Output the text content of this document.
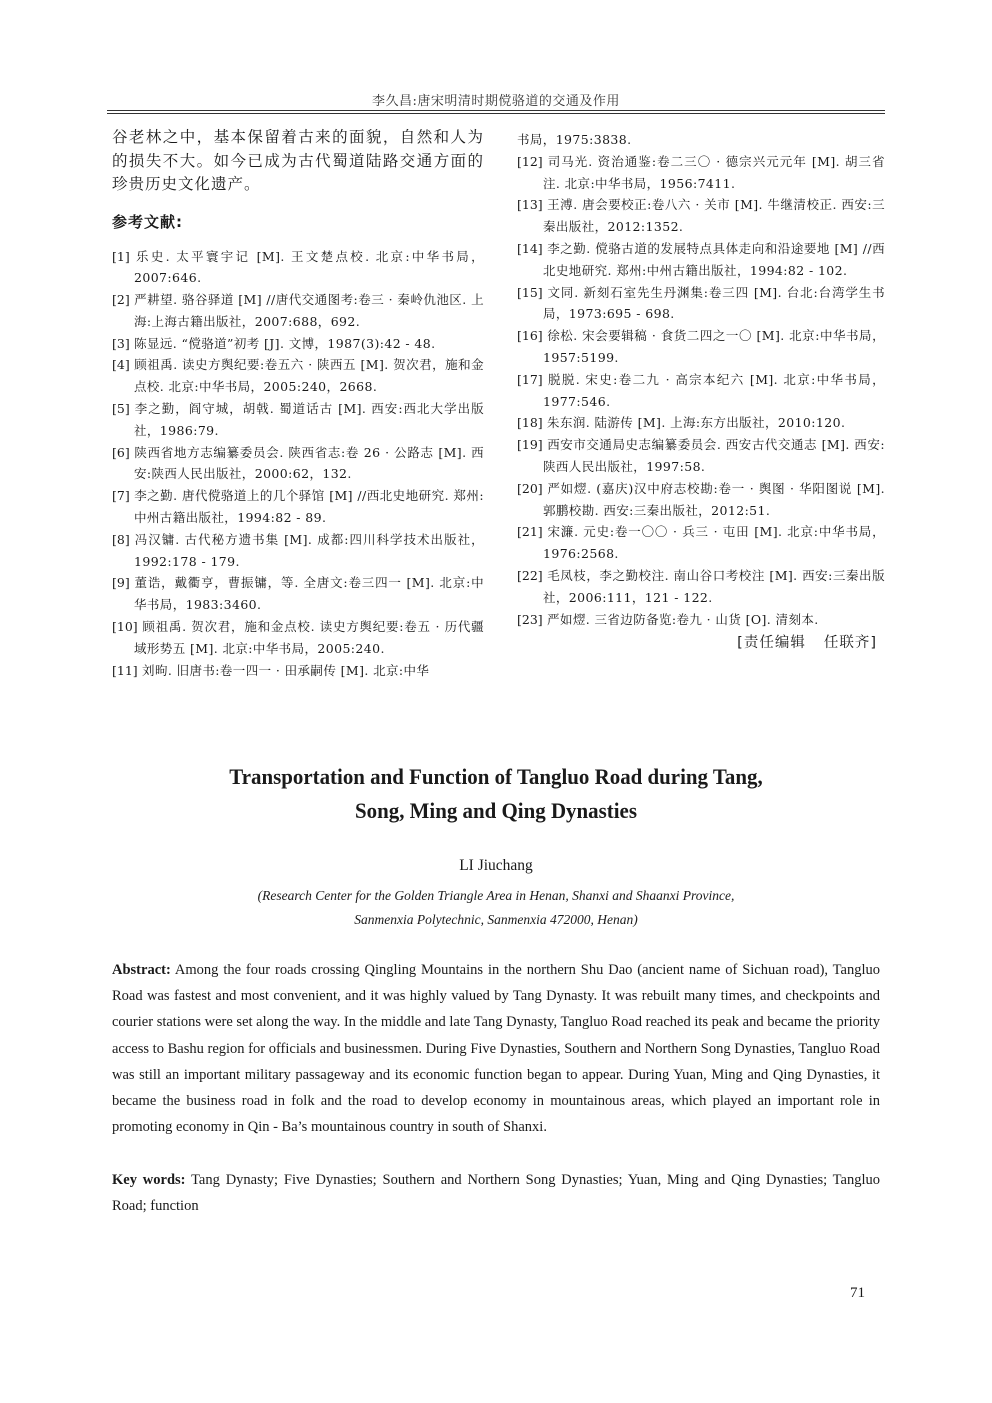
李久昌:唐宋明清时期傥骆道的交通及作用

谷老林之中，基本保留着古来的面貌，自然和人为的损失不大。如今已成为古代蜀道陆路交通方面的珍贵历史文化遗产。

参考文献:

[1] 乐史. 太平寰宇记 [M]. 王文楚点校. 北京:中华书局，2007:646.

[2] 严耕望. 骆谷驿道 [M] //唐代交通图考:卷三 · 秦岭仇池区. 上海:上海古籍出版社，2007:688，692.

[3] 陈显远. “傥骆道”初考 [J]. 文博，1987(3):42 - 48.

[4] 顾祖禹. 读史方舆纪要:卷五六 · 陕西五 [M]. 贺次君，施和金点校. 北京:中华书局，2005:240，2668.

[5] 李之勤，阎守城，胡戟. 蜀道话古 [M]. 西安:西北大学出版社，1986:79.

[6] 陕西省地方志编纂委员会. 陕西省志:卷 26 · 公路志 [M]. 西安:陕西人民出版社，2000:62，132.

[7] 李之勤. 唐代傥骆道上的几个驿馆 [M] //西北史地研究. 郑州:中州古籍出版社，1994:82 - 89.

[8] 冯汉镛. 古代秘方遗书集 [M]. 成都:四川科学技术出版社，1992:178 - 179.

[9] 董诰，戴衢亨，曹振镛，等. 全唐文:卷三四一 [M]. 北京:中华书局，1983:3460.

[10] 顾祖禹. 贺次君，施和金点校. 读史方舆纪要:卷五 · 历代疆域形势五 [M]. 北京:中华书局，2005:240.

[11] 刘昫. 旧唐书:卷一四一 · 田承嗣传 [M]. 北京:中华

书局，1975:3838.

[12] 司马光. 资治通鉴:卷二三〇 · 德宗兴元元年 [M]. 胡三省注. 北京:中华书局，1956:7411.

[13] 王溥. 唐会要校正:卷八六 · 关市 [M]. 牛继清校正. 西安:三秦出版社，2012:1352.

[14] 李之勤. 傥骆古道的发展特点具体走向和沿途要地 [M] //西北史地研究. 郑州:中州古籍出版社，1994:82 - 102.

[15] 文同. 新刻石室先生丹渊集:卷三四 [M]. 台北:台湾学生书局，1973:695 - 698.

[16] 徐松. 宋会要辑稿 · 食货二四之一〇 [M]. 北京:中华书局，1957:5199.

[17] 脱脱. 宋史:卷二九 · 高宗本纪六 [M]. 北京:中华书局，1977:546.

[18] 朱东润. 陆游传 [M]. 上海:东方出版社，2010:120.

[19] 西安市交通局史志编纂委员会. 西安古代交通志 [M]. 西安:陕西人民出版社，1997:58.

[20] 严如熤. (嘉庆)汉中府志校勘:卷一 · 舆图 · 华阳图说 [M]. 郭鹏校勘. 西安:三秦出版社，2012:51.

[21] 宋濂. 元史:卷一〇〇 · 兵三 · 屯田 [M]. 北京:中华书局，1976:2568.

[22] 毛凤枝，李之勤校注. 南山谷口考校注 [M]. 西安:三秦出版社，2006:111，121 - 122.

[23] 严如熤. 三省边防备览:卷九 · 山货 [O]. 清刻本.

[责任编辑 任联齐]
Transportation and Function of Tangluo Road during Tang,
Song, Ming and Qing Dynasties
LI Jiuchang
(Research Center for the Golden Triangle Area in Henan, Shanxi and Shaanxi Province,
Sanmenxia Polytechnic, Sanmenxia 472000, Henan)

Abstract: Among the four roads crossing Qingling Mountains in the northern Shu Dao (ancient name of Sichuan road), Tangluo Road was fastest and most convenient, and it was highly valued by Tang Dynasty. It was rebuilt many times, and checkpoints and courier stations were set along the way. In the middle and late Tang Dynasty, Tangluo Road reached its peak and became the priority access to Bashu region for officials and businessmen. During Five Dynasties, Southern and Northern Song Dynasties, Tangluo Road was still an important military passageway and its economic function began to appear. During Yuan, Ming and Qing Dynasties, it became the business road in folk and the road to develop economy in mountainous areas, which played an important role in promoting economy in Qin - Ba’s mountainous country in south of Shanxi.

Key words: Tang Dynasty; Five Dynasties; Southern and Northern Song Dynasties; Yuan, Ming and Qing Dynasties; Tangluo Road; function

71
